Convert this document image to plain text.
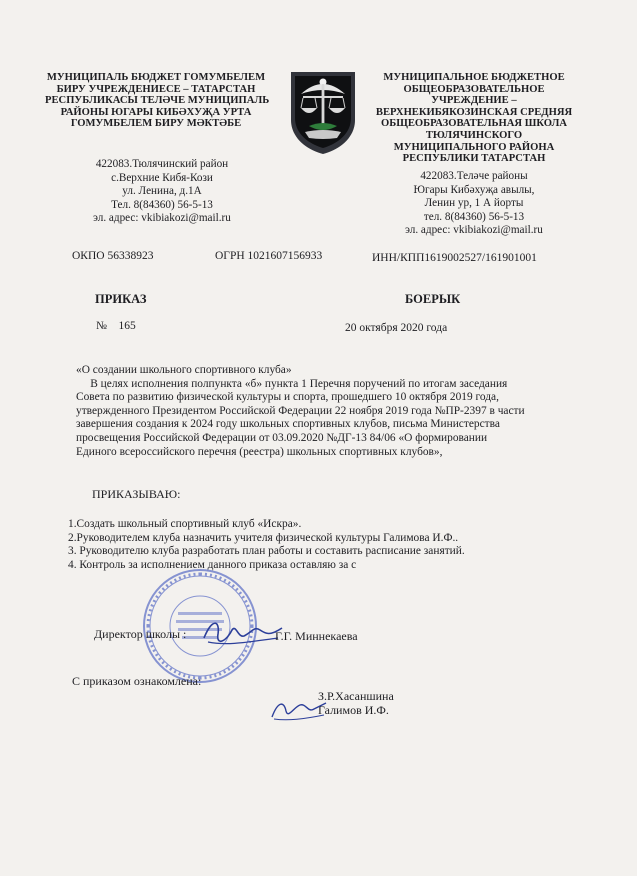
МУНИЦИПАЛЬ БЮДЖЕТ ГОМУМБЕЛЕМ
БИРУ УЧРЕЖДЕНИЕСЕ – ТАТАРСТАН
РЕСПУБЛИКАСЫ ТЕЛӘЧЕ МУНИЦИПАЛЬ
РАЙОНЫ ЮГАРЫ КИБӘХУҖА УРТА
ГОМУМБЕЛЕМ БИРУ МӘКТӘБЕ
МУНИЦИПАЛЬНОЕ БЮДЖЕТНОЕ
ОБЩЕОБРАЗОВАТЕЛЬНОЕ
УЧРЕЖДЕНИЕ –
ВЕРХНЕКИБЯКОЗИНСКАЯ СРЕДНЯЯ
ОБЩЕОБРАЗОВАТЕЛЬНАЯ ШКОЛА
ТЮЛЯЧИНСКОГО
МУНИЦИПАЛЬНОГО РАЙОНА
РЕСПУБЛИКИ ТАТАРСТАН
422083.Тюлячинский район
с.Верхние Кибя-Кози
ул. Ленина, д.1А
Тел. 8(84360) 56-5-13
эл. адрес: vkibiakozi@mail.ru
422083.Теләче районы
Югары Кибәхуҗа авылы,
Ленин ур, 1 А йорты
тел. 8(84360) 56-5-13
эл. адрес: vkibiakozi@mail.ru
ОКПО 56338923	ОГРН 1021607156933	ИНН/КПП1619002527/161901001
ПРИКАЗ	БОЕРЫК
№    165	20 октября 2020 года
«О создании школьного спортивного клуба»
В целях исполнения полпункта «б» пункта 1 Перечня поручений по итогам заседания
Совета по развитию физической культуры и спорта, прошедшего 10 октября 2019 года,
утвержденного Президентом Российской Федерации 22 ноября 2019 года №ПР-2397 в части
завершения создания к 2024 году школьных спортивных клубов, письма Министерства
просвещения Российской Федерации от 03.09.2020 №ДГ-13 84/06 «О формировании
Единого всероссийского перечня (реестра) школьных спортивных клубов»,
ПРИКАЗЫВАЮ:
1.Создать школьный спортивный клуб «Искра».
2.Руководителем клуба назначить учителя физической культуры Галимова И.Ф..
3. Руководителю клуба разработать план работы и составить расписание занятий.
4. Контроль за исполнением данного приказа оставляю за с
Директор школы :	Г.Г. Миннекаева
С приказом ознакомлена:
З.Р.Хасаншина
Галимов И.Ф.
